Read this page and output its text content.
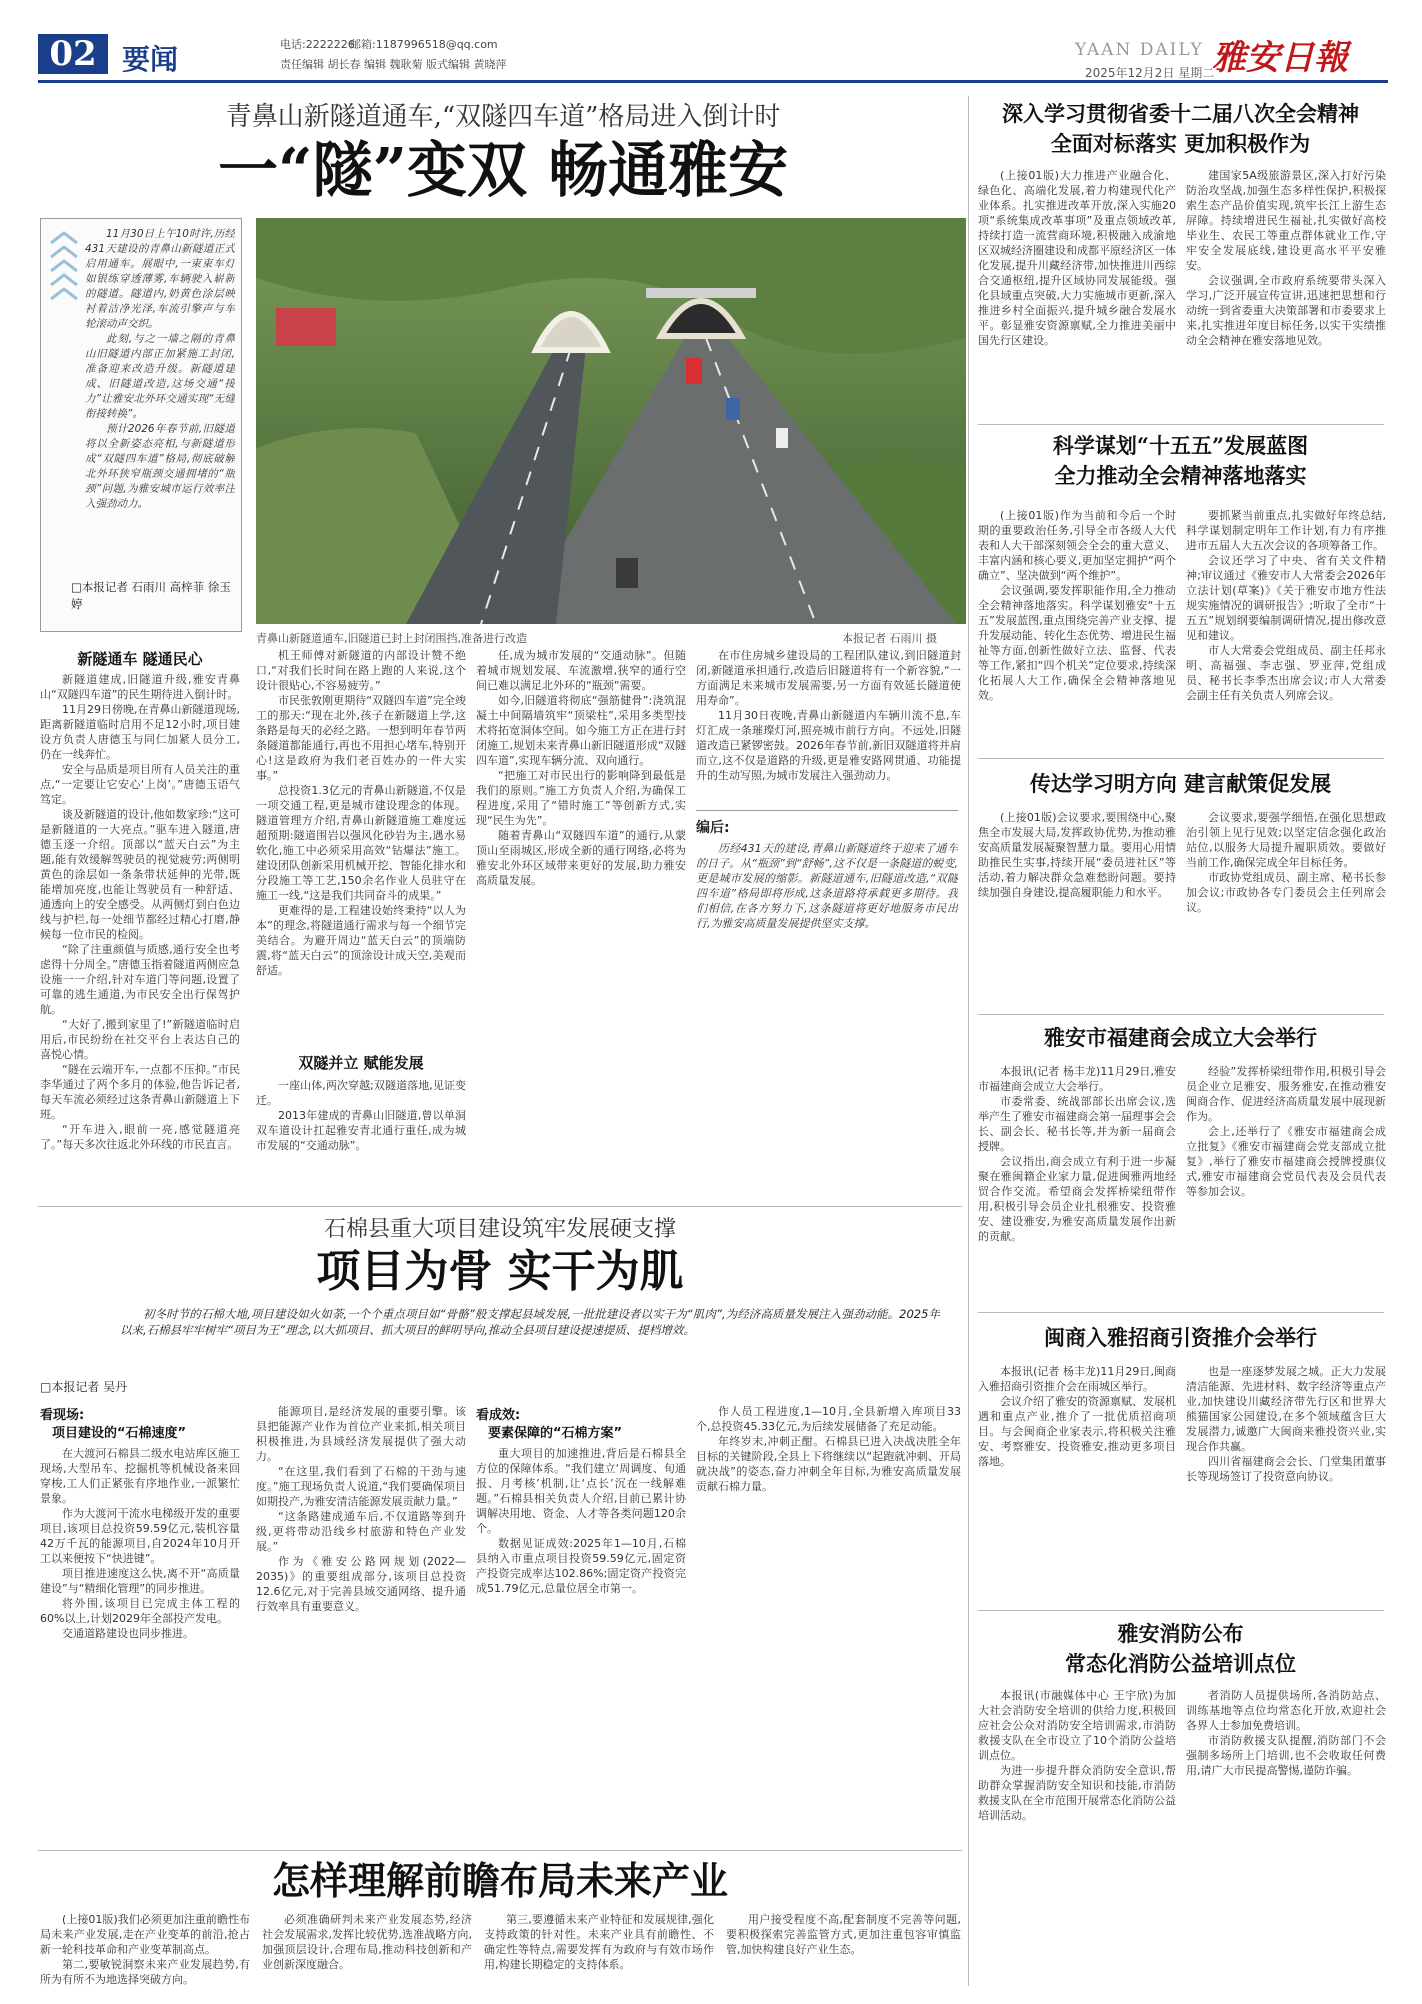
02 要闻	电话:2222226
邮箱:1187996518@qq.com
责任编辑 胡长春 编辑 魏耿菊 版式编辑 黄晓萍
YAAN DAILY 雅安日報
2025年12月2日 星期二
青鼻山新隧道通车,“双隧四车道”格局进入倒计时
一“隧”变双 畅通雅安

11月30日上午10时许,历经431天建设的青鼻山新隧道正式启用通车。展眼中,一束束车灯如银练穿透薄雾,车辆驶入崭新的隧道。隧道内,奶黄色涂层映衬着洁净光泽,车流引擎声与车轮滚动声交织。

此刻,与之一墙之隔的青鼻山旧隧道内部正加紧施工封闭,准备迎来改造升级。新隧道建成、旧隧道改造,这场交通“接力”让雅安北外环交通实现“无缝衔接转换”。

预计2026年春节前,旧隧道将以全新姿态亮相,与新隧道形成“双隧四车道”格局,彻底破解北外环狭窄瓶颈交通拥堵的“瓶颈”问题,为雅安城市运行效率注入强劲动力。

□本报记者 石雨川 高梓菲 徐玉婷
青鼻山新隧道通车,旧隧道已封上封闭围挡,准备进行改造	本报记者 石雨川 摄
新隧通车 隧通民心

新隧道建成,旧隧道升级,雅安青鼻山“双隧四车道”的民生期待进入倒计时。

11月29日傍晚,在青鼻山新隧道现场,距离新隧道临时启用不足12小时,项目建设方负责人唐德玉与同仁加紧人员分工,仍在一线奔忙。

安全与品质是项目所有人员关注的重点,“一定要让它安心‘上岗’。”唐德玉语气笃定。

谈及新隧道的设计,他如数家珍:“这可是新隧道的一大亮点。”驱车进入隧道,唐德玉逐一介绍。顶部以“蓝天白云”为主题,能有效缓解驾驶员的视觉疲劳;两侧明黄色的涂层如一条条带状延伸的光带,既能增加亮度,也能让驾驶员有一种舒适、通透向上的安全感受。从两侧灯到白色边线与护栏,每一处细节都经过精心打磨,静候每一位市民的检阅。

“除了注重颜值与质感,通行安全也考虑得十分周全。”唐德玉指着隧道两侧应急设施一一介绍,针对车道门等问题,设置了可靠的逃生通道,为市民安全出行保驾护航。

“大好了,搬到家里了!”新隧道临时启用后,市民纷纷在社交平台上表达自己的喜悦心情。

“隧在云端开车,一点都不压抑。”市民李华通过了两个多月的体验,他告诉记者,每天车流必须经过这条青鼻山新隧道上下班。

“开车进入,眼前一亮,感觉隧道亮了。”每天多次往返北外环线的市民直言。

机王师傅对新隧道的内部设计赞不绝口,“对我们长时间在路上跑的人来说,这个设计很贴心,不容易疲劳。”

市民张敦刚更期待“双隧四车道”完全竣工的那天:“现在北外,孩子在新隧道上学,这条路是每天的必经之路。一想到明年春节两条隧道都能通行,再也不用担心堵车,特别开心!这是政府为我们老百姓办的一件大实事。”

总投资1.3亿元的青鼻山新隧道,不仅是一项交通工程,更是城市建设理念的体现。隧道管理方介绍,青鼻山新隧道施工难度远超预期:隧道围岩以强风化砂岩为主,遇水易软化,施工中必须采用高效“钻爆法”施工。建设团队创新采用机械开挖、智能化排水和分段施工等工艺,150余名作业人员驻守在施工一线,“这是我们共同奋斗的成果。”

更难得的是,工程建设始终秉持“以人为本”的理念,将隧道通行需求与每一个细节完美结合。为避开周边“蓝天白云”的顶端防震,将“蓝天白云”的顶涂设计成天空,美观而舒适。

双隧并立 赋能发展

一座山体,两次穿越;双隧道落地,见证变迁。

2013年建成的青鼻山旧隧道,曾以单洞双车道设计扛起雅安青北通行重任,成为城市发展的“交通动脉”。

任,成为城市发展的“交通动脉”。但随着城市规划发展、车流激增,狭窄的通行空间已难以满足北外环的“瓶颈”需要。

如今,旧隧道将彻底“强筋健骨”:浇筑混凝土中间隔墙筑牢“顶梁柱”,采用多类型技术将拓宽洞体空间。如今施工方正在进行封闭施工,规划未来青鼻山新旧隧道形成“双隧四车道”,实现车辆分流、双向通行。

“把施工对市民出行的影响降到最低是我们的原则。”施工方负责人介绍,为确保工程进度,采用了“错时施工”等创新方式,实现“民生为先”。

随着青鼻山“双隧四车道”的通行,从蒙顶山至雨城区,形成全新的通行网络,必将为雅安北外环区域带来更好的发展,助力雅安高质量发展。

在市住房城乡建设局的工程团队建议,到旧隧道封闭,新隧道承担通行,改造后旧隧道将有一个新容貌,“一方面满足未来城市发展需要,另一方面有效延长隧道使用寿命”。

11月30日夜晚,青鼻山新隧道内车辆川流不息,车灯汇成一条璀璨灯河,照亮城市前行方向。不远处,旧隧道改造已紧锣密鼓。2026年春节前,新旧双隧道将并肩而立,这不仅是道路的升级,更是雅安路网贯通、功能提升的生动写照,为城市发展注入强劲动力。

编后:
历经431天的建设,青鼻山新隧道终于迎来了通车的日子。从“瓶颈”到“舒畅”,这不仅是一条隧道的蜕变,更是城市发展的缩影。新隧道通车,旧隧道改造,“双隧四车道”格局即将形成,这条道路将承载更多期待。我们相信,在各方努力下,这条隧道将更好地服务市民出行,为雅安高质量发展提供坚实支撑。
石棉县重大项目建设筑牢发展硬支撑
项目为骨 实干为肌
初冬时节的石棉大地,项目建设如火如荼,一个个重点项目如“骨骼”般支撑起县域发展,一批批建设者以实干为“肌肉”,为经济高质量发展注入强劲动能。2025年以来,石棉县牢牢树牢“项目为王”理念,以大抓项目、抓大项目的鲜明导向,推动全县项目建设提速提质、提档增效。
□本报记者 吴丹
看现场:
项目建设的“石棉速度”

在大渡河石棉县二级水电站库区施工现场,大型吊车、挖掘机等机械设备来回穿梭,工人们正紧张有序地作业,一派繁忙景象。

作为大渡河干流水电梯级开发的重要项目,该项目总投资59.59亿元,装机容量42万千瓦的能源项目,自2024年10月开工以来便按下“快进键”。

项目推进速度这么快,离不开“高质量建设”与“精细化管理”的同步推进。

将外围,该项目已完成主体工程的60%以上,计划2029年全部投产发电。

交通道路建设也同步推进。

能源项目,是经济发展的重要引擎。该县把能源产业作为首位产业来抓,相关项目积极推进,为县域经济发展提供了强大动力。

“在这里,我们看到了石棉的干劲与速度。”施工现场负责人说道,“我们要确保项目如期投产,为雅安清洁能源发展贡献力量。”

“这条路建成通车后,不仅道路等到升级,更将带动沿线乡村旅游和特色产业发展。”

作为《雅安公路网规划(2022—2035)》的重要组成部分,该项目总投资12.6亿元,对于完善县域交通网络、提升通行效率具有重要意义。

看成效:
要素保障的“石棉方案”

重大项目的加速推进,背后是石棉县全方位的保障体系。“我们建立‘周调度、旬通报、月考核’机制,让‘点长’沉在一线解难题。”石棉县相关负责人介绍,目前已累计协调解决用地、资金、人才等各类问题120余个。

数据见证成效:2025年1—10月,石棉县纳入市重点项目投资59.59亿元,固定资产投资完成率达102.86%;固定资产投资完成51.79亿元,总量位居全市第一。

作人员工程进度,1—10月,全县新增入库项目33个,总投资45.33亿元,为后续发展储备了充足动能。

年终岁末,冲刺正酣。石棉县已进入决战决胜全年目标的关键阶段,全县上下将继续以“起跑就冲刺、开局就决战”的姿态,奋力冲刺全年目标,为雅安高质量发展贡献石棉力量。

怎样理解前瞻布局未来产业

(上接01版)我们必须更加注重前瞻性布局未来产业发展,走在产业变革的前沿,抢占新一轮科技革命和产业变革制高点。

第二,要敏锐洞察未来产业发展趋势,有所为有所不为地选择突破方向。

必须准确研判未来产业发展态势,经济社会发展需求,发挥比较优势,选准战略方向,加强顶层设计,合理布局,推动科技创新和产业创新深度融合。

第三,要遵循未来产业特征和发展规律,强化支持政策的针对性。未来产业具有前瞻性、不确定性等特点,需要发挥有为政府与有效市场作用,构建长期稳定的支持体系。

用户接受程度不高,配套制度不完善等问题,要积极探索完善监管方式,更加注重包容审慎监管,加快构建良好产业生态。

深入学习贯彻省委十二届八次全会精神
全面对标落实 更加积极作为

(上接01版)大力推进产业融合化、绿色化、高端化发展,着力构建现代化产业体系。扎实推进改革开放,深入实施20项“系统集成改革事项”及重点领域改革,持续打造一流营商环境,积极融入成渝地区双城经济圈建设和成都平原经济区一体化发展,提升川藏经济带,加快推进川西综合交通枢纽,提升区域协同发展能级。强化县域重点突破,大力实施城市更新,深入推进乡村全面振兴,提升城乡融合发展水平。彰显雅安资源禀赋,全力推进美丽中国先行区建设。

建国家5A级旅游景区,深入打好污染防治攻坚战,加强生态多样性保护,积极探索生态产品价值实现,筑牢长江上游生态屏障。持续增进民生福祉,扎实做好高校毕业生、农民工等重点群体就业工作,守牢安全发展底线,建设更高水平平安雅安。

会议强调,全市政府系统要带头深入学习,广泛开展宣传宣讲,迅速把思想和行动统一到省委重大决策部署和市委要求上来,扎实推进年度目标任务,以实干实绩推动全会精神在雅安落地见效。

科学谋划“十五五”发展蓝图
全力推动全会精神落地落实

(上接01版)作为当前和今后一个时期的重要政治任务,引导全市各级人大代表和人大干部深刻领会全会的重大意义、丰富内涵和核心要义,更加坚定拥护“两个确立”、坚决做到“两个维护”。

会议强调,要发挥职能作用,全力推动全会精神落地落实。科学谋划雅安“十五五”发展蓝图,重点围绕完善产业支撑、提升发展动能、转化生态优势、增进民生福祉等方面,创新性做好立法、监督、代表等工作,紧扣“四个机关”定位要求,持续深化拓展人大工作,确保全会精神落地见效。

要抓紧当前重点,扎实做好年终总结,科学谋划制定明年工作计划,有力有序推进市五届人大五次会议的各项筹备工作。

会议还学习了中央、省有关文件精神;审议通过《雅安市人大常委会2026年立法计划(草案)》《关于雅安市地方性法规实施情况的调研报告》;听取了全市“十五五”规划纲要编制调研情况,提出修改意见和建议。

市人大常委会党组成员、副主任邦永明、高福强、李志强、罗亚萍,党组成员、秘书长李季杰出席会议;市人大常委会副主任有关负责人列席会议。

传达学习明方向 建言献策促发展

(上接01版)会议要求,要围绕中心,聚焦全市发展大局,发挥政协优势,为推动雅安高质量发展凝聚智慧力量。要用心用情助推民生实事,持续开展“委员进社区”等活动,着力解决群众急难愁盼问题。要持续加强自身建设,提高履职能力和水平。

会议要求,要强学细悟,在强化思想政治引领上见行见效;以坚定信念强化政治站位,以服务大局提升履职质效。要做好当前工作,确保完成全年目标任务。

市政协党组成员、副主席、秘书长参加会议;市政协各专门委员会主任列席会议。

雅安市福建商会成立大会举行

本报讯(记者 杨丰龙)11月29日,雅安市福建商会成立大会举行。

市委常委、统战部部长出席会议,选举产生了雅安市福建商会第一届理事会会长、副会长、秘书长等,并为新一届商会授牌。

会议指出,商会成立有利于进一步凝聚在雅闽籍企业家力量,促进闽雅两地经贸合作交流。希望商会发挥桥梁纽带作用,积极引导会员企业扎根雅安、投资雅安、建设雅安,为雅安高质量发展作出新的贡献。

经验”发挥桥梁纽带作用,积极引导会员企业立足雅安、服务雅安,在推动雅安闽商合作、促进经济高质量发展中展现新作为。

会上,还举行了《雅安市福建商会成立批复》《雅安市福建商会党支部成立批复》,举行了雅安市福建商会授牌授旗仪式,雅安市福建商会党员代表及会员代表等参加会议。

闽商入雅招商引资推介会举行

本报讯(记者 杨丰龙)11月29日,闽商入雅招商引资推介会在雨城区举行。

会议介绍了雅安的资源禀赋、发展机遇和重点产业,推介了一批优质招商项目。与会闽商企业家表示,将积极关注雅安、考察雅安、投资雅安,推动更多项目落地。

也是一座逐梦发展之城。正大力发展清洁能源、先进材料、数字经济等重点产业,加快建设川藏经济带先行区和世界大熊猫国家公园建设,在多个领域蕴含巨大发展潜力,诚邀广大闽商来雅投资兴业,实现合作共赢。

四川省福建商会会长、门堂集团董事长等现场签订了投资意向协议。

雅安消防公布
常态化消防公益培训点位

本报讯(市融媒体中心 王宇欣)为加大社会消防安全培训的供给力度,积极回应社会公众对消防安全培训需求,市消防救援支队在全市设立了10个消防公益培训点位。

为进一步提升群众消防安全意识,帮助群众掌握消防安全知识和技能,市消防救援支队在全市范围开展常态化消防公益培训活动。

者消防人员提供场所,各消防站点、训练基地等点位均常态化开放,欢迎社会各界人士参加免费培训。

市消防救援支队提醒,消防部门不会强制多场所上门培训,也不会收取任何费用,请广大市民提高警惕,谨防诈骗。
